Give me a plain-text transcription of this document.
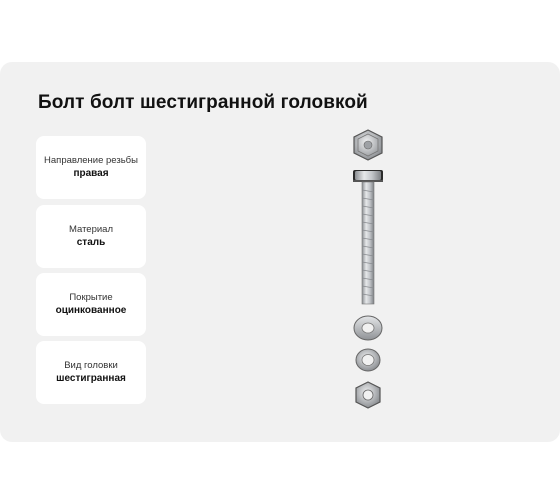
Болт болт шестигранной головкой
Направление резьбы
правая
Материал
сталь
Покрытие
оцинкованное
Вид головки
шестигранная
